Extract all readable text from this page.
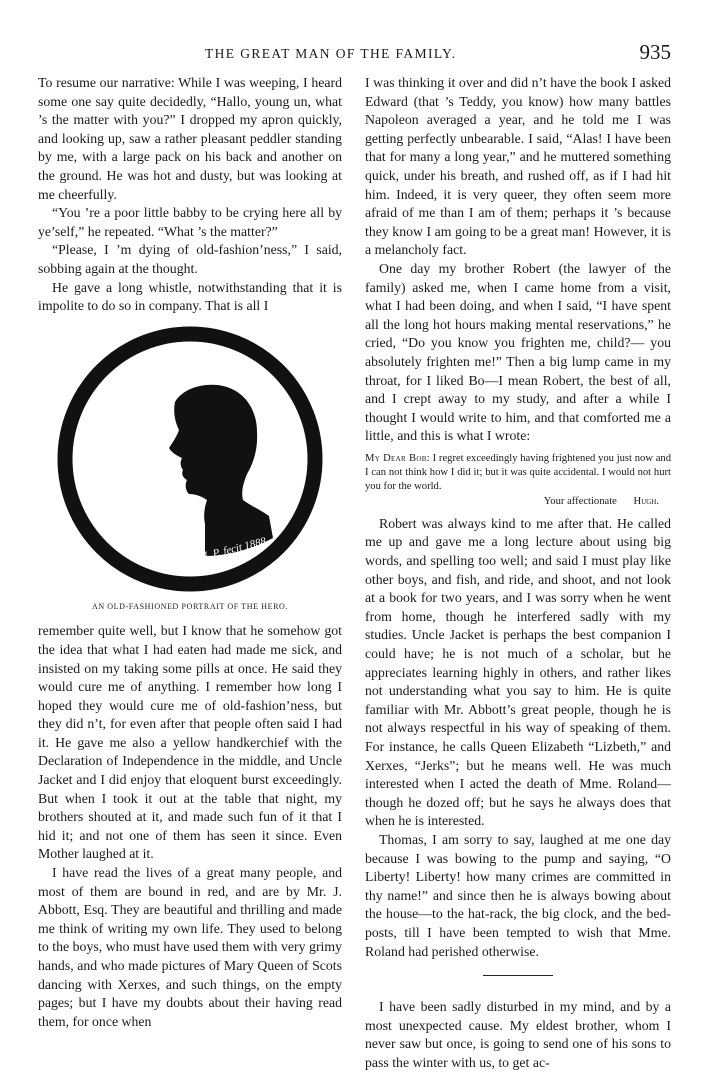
THE GREAT MAN OF THE FAMILY.	935

To resume our narrative: While I was weeping, I heard some one say quite decidedly, “Hallo, young un, what ’s the matter with you?” I dropped my apron quickly, and looking up, saw a rather pleasant peddler standing by me, with a large pack on his back and another on the ground. He was hot and dusty, but was looking at me cheerfully.

“You ’re a poor little babby to be crying here all by ye’self,” he repeated. “What ’s the matter?”

“Please, I ’m dying of old-fashion’ness,” I said, sobbing again at the thought.

He gave a long whistle, notwithstanding that it is impolite to do so in company. That is all I

H. P. fecit 1888.
AN OLD-FASHIONED PORTRAIT OF THE HERO.

remember quite well, but I know that he somehow got the idea that what I had eaten had made me sick, and insisted on my taking some pills at once. He said they would cure me of anything. I remember how long I hoped they would cure me of old-fashion’ness, but they did n’t, for even after that people often said I had it. He gave me also a yellow handkerchief with the Declaration of Independence in the middle, and Uncle Jacket and I did enjoy that eloquent burst exceedingly. But when I took it out at the table that night, my brothers shouted at it, and made such fun of it that I hid it; and not one of them has seen it since. Even Mother laughed at it.

I have read the lives of a great many people, and most of them are bound in red, and are by Mr. J. Abbott, Esq. They are beautiful and thrilling and made me think of writing my own life. They used to belong to the boys, who must have used them with very grimy hands, and who made pictures of Mary Queen of Scots dancing with Xerxes, and such things, on the empty pages; but I have my doubts about their having read them, for once when

I was thinking it over and did n’t have the book I asked Edward (that ’s Teddy, you know) how many battles Napoleon averaged a year, and he told me I was getting perfectly unbearable. I said, “Alas! I have been that for many a long year,” and he muttered something quick, under his breath, and rushed off, as if I had hit him. Indeed, it is very queer, they often seem more afraid of me than I am of them; perhaps it ’s because they know I am going to be a great man! However, it is a melancholy fact.

One day my brother Robert (the lawyer of the family) asked me, when I came home from a visit, what I had been doing, and when I said, “I have spent all the long hot hours making mental reservations,” he cried, “Do you know you frighten me, child?— you absolutely frighten me!” Then a big lump came in my throat, for I liked Bo—I mean Robert, the best of all, and I crept away to my study, and after a while I thought I would write to him, and that comforted me a little, and this is what I wrote:

My Dear Bob: I regret exceedingly having frightened you just now and I can not think how I did it; but it was quite accidental. I would not hurt you for the world.
Your affectionate Hugh.

Robert was always kind to me after that. He called me up and gave me a long lecture about using big words, and spelling too well; and said I must play like other boys, and fish, and ride, and shoot, and not look at a book for two years, and I was sorry when he went from home, though he interfered sadly with my studies. Uncle Jacket is perhaps the best companion I could have; he is not much of a scholar, but he appreciates learning highly in others, and rather likes not understanding what you say to him. He is quite familiar with Mr. Abbott’s great people, though he is not always respectful in his way of speaking of them. For instance, he calls Queen Elizabeth “Lizbeth,” and Xerxes, “Jerks”; but he means well. He was much interested when I acted the death of Mme. Roland—though he dozed off; but he says he always does that when he is interested.

Thomas, I am sorry to say, laughed at me one day because I was bowing to the pump and saying, “O Liberty! Liberty! how many crimes are committed in thy name!” and since then he is always bowing about the house—to the hat-rack, the big clock, and the bed-posts, till I have been tempted to wish that Mme. Roland had perished otherwise.

I have been sadly disturbed in my mind, and by a most unexpected cause. My eldest brother, whom I never saw but once, is going to send one of his sons to pass the winter with us, to get ac-
